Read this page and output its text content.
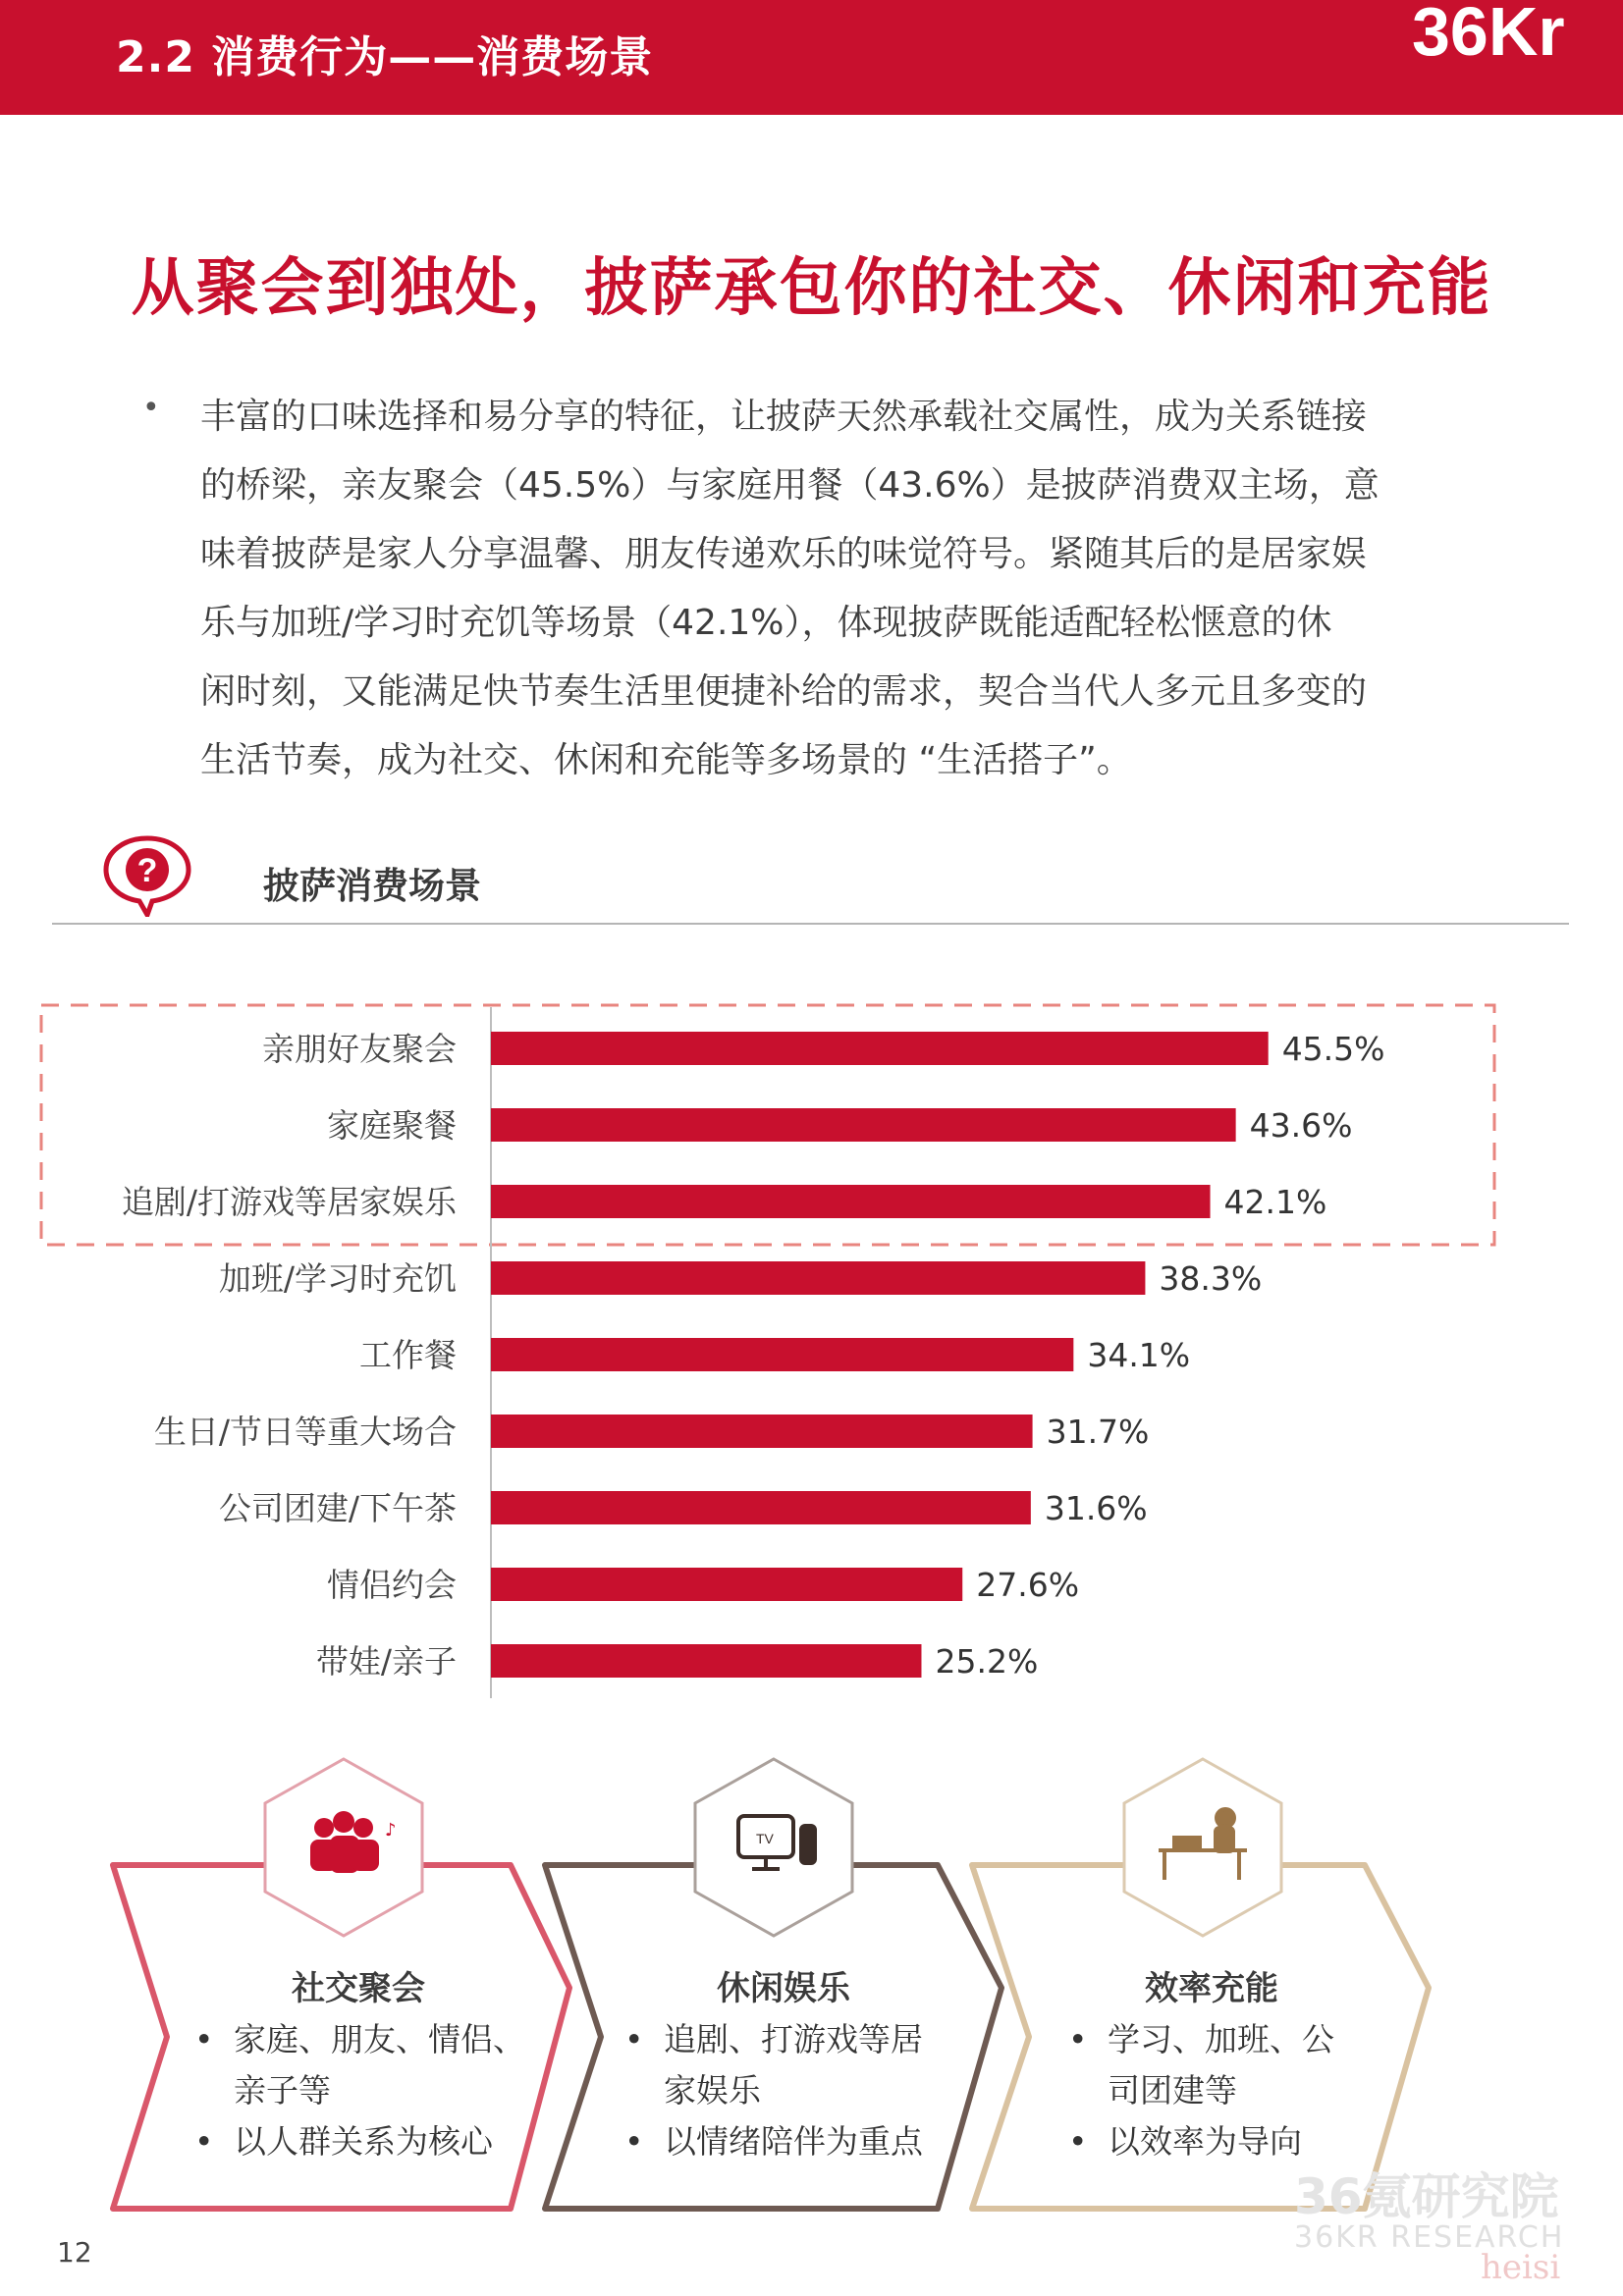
2.2 消费行为——消费场景	36Kr
从聚会到独处，披萨承包你的社交、休闲和充能
• 丰富的口味选择和易分享的特征，让披萨天然承载社交属性，成为关系链接
的桥梁，亲友聚会（45.5%）与家庭用餐（43.6%）是披萨消费双主场，意
味着披萨是家人分享温馨、朋友传递欢乐的味觉符号。紧随其后的是居家娱
乐与加班/学习时充饥等场景（42.1%），体现披萨既能适配轻松惬意的休
闲时刻，又能满足快节奏生活里便捷补给的需求，契合当代人多元且多变的
生活节奏，成为社交、休闲和充能等多场景的 “生活搭子”。
?	披萨消费场景
亲朋好友聚会	45.5%
家庭聚餐	43.6%
追剧/打游戏等居家娱乐	42.1%
加班/学习时充饥	38.3%
工作餐	34.1%
生日/节日等重大场合	31.7%
公司团建/下午茶	31.6%
情侣约会	27.6%
带娃/亲子	25.2%
♪	TV
社交聚会
• 家庭、朋友、情侣、
亲子等
• 以人群关系为核心
休闲娱乐
• 追剧、打游戏等居
家娱乐
• 以情绪陪伴为重点
效率充能
• 学习、加班、公
司团建等
• 以效率为导向
12
36氪研究院
36KR RESEARCH
heisi
